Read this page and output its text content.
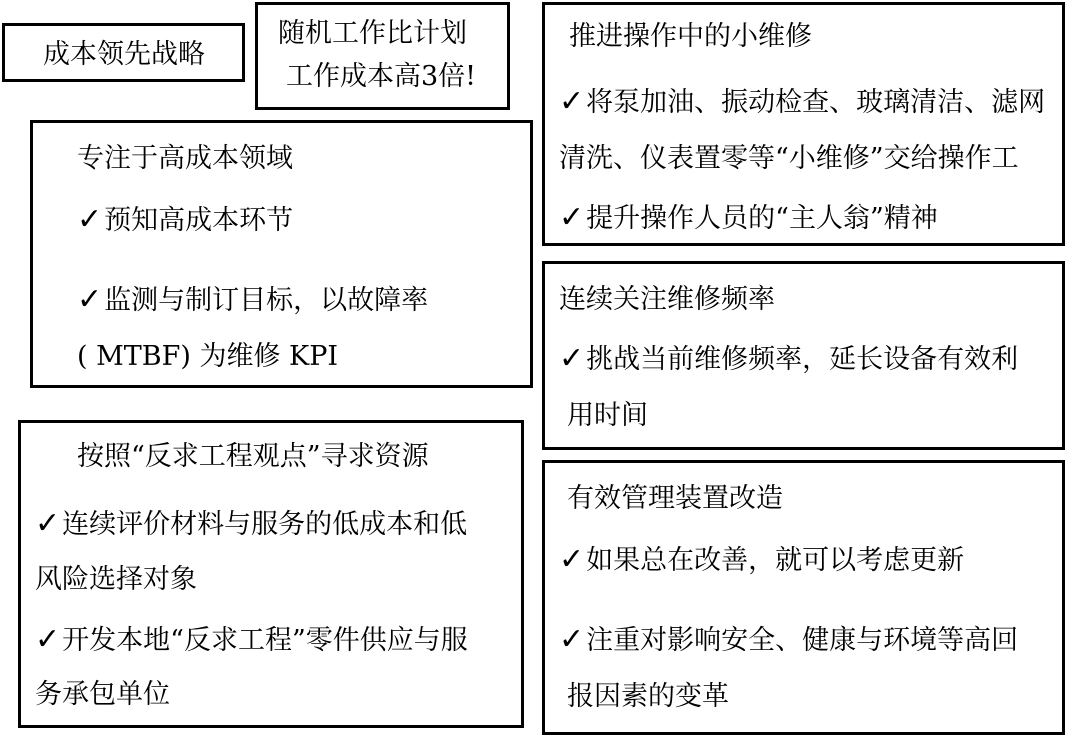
成本领先战略
随机工作比计划
工作成本高3倍!
推进操作中的小维修
✓将泵加油、振动检查、玻璃清洁、滤网
清洗、仪表置零等“小维修”交给操作工
✓提升操作人员的“主人翁”精神
专注于高成本领域
✓预知高成本环节
✓监测与制订目标，以故障率
( MTBF) 为维修 KPI
连续关注维修频率
✓挑战当前维修频率，延长设备有效利
用时间
按照“反求工程观点”寻求资源
✓连续评价材料与服务的低成本和低
风险选择对象
✓开发本地“反求工程”零件供应与服
务承包单位
有效管理装置改造
✓如果总在改善，就可以考虑更新
✓注重对影响安全、健康与环境等高回
报因素的变革
